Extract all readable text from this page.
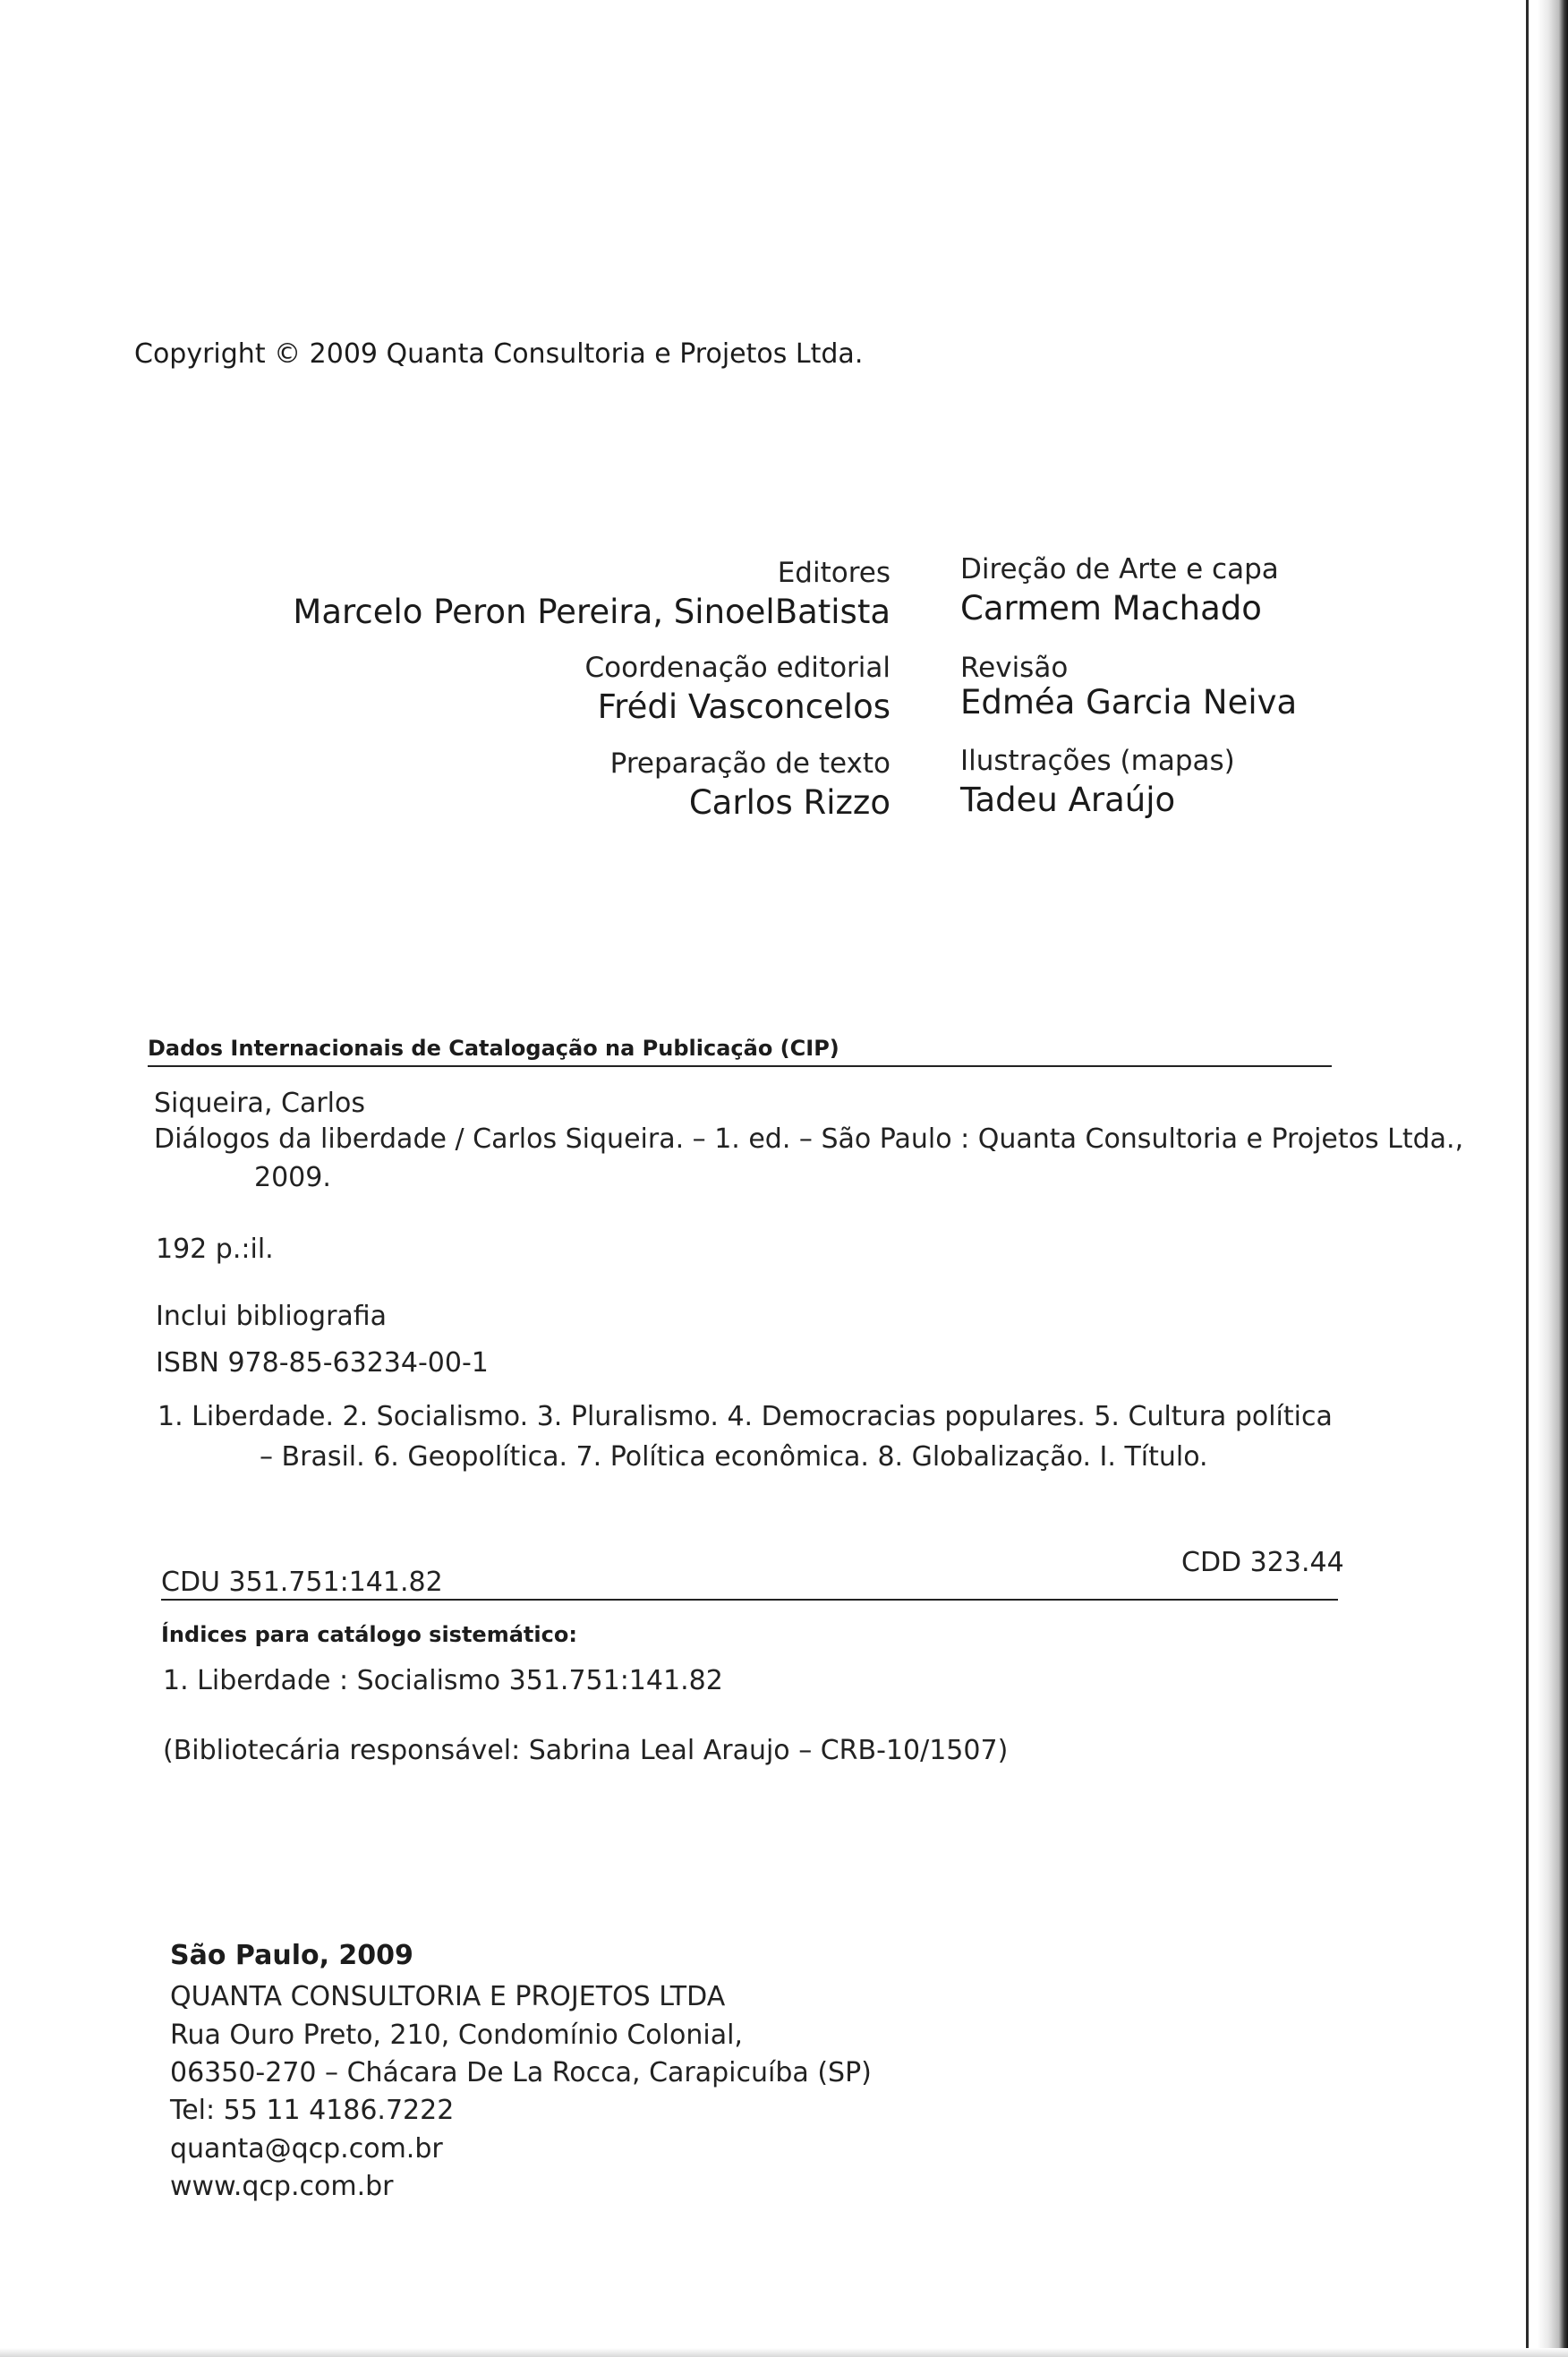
Copyright © 2009 Quanta Consultoria e Projetos Ltda.
Editores
Marcelo Peron Pereira, SinoelBatista
Coordenação editorial
Frédi Vasconcelos
Preparação de texto
Carlos Rizzo
Direção de Arte e capa
Carmem Machado
Revisão
Edméa Garcia Neiva
Ilustrações (mapas)
Tadeu Araújo
Dados Internacionais de Catalogação na Publicação (CIP)
Siqueira, Carlos
Diálogos da liberdade / Carlos Siqueira. – 1. ed. – São Paulo : Quanta Consultoria e Projetos Ltda.,
2009.
192 p.:il.
Inclui bibliografia
ISBN 978-85-63234-00-1
1. Liberdade. 2. Socialismo. 3. Pluralismo. 4. Democracias populares. 5. Cultura política
– Brasil. 6. Geopolítica. 7. Política econômica. 8. Globalização. I. Título.
CDU 351.751:141.82
CDD 323.44
Índices para catálogo sistemático:
1. Liberdade : Socialismo 351.751:141.82
(Bibliotecária responsável: Sabrina Leal Araujo – CRB-10/1507)
São Paulo, 2009
QUANTA CONSULTORIA E PROJETOS LTDA
Rua Ouro Preto, 210, Condomínio Colonial,
06350-270 – Chácara De La Rocca, Carapicuíba (SP)
Tel: 55 11 4186.7222
quanta@qcp.com.br
www.qcp.com.br
